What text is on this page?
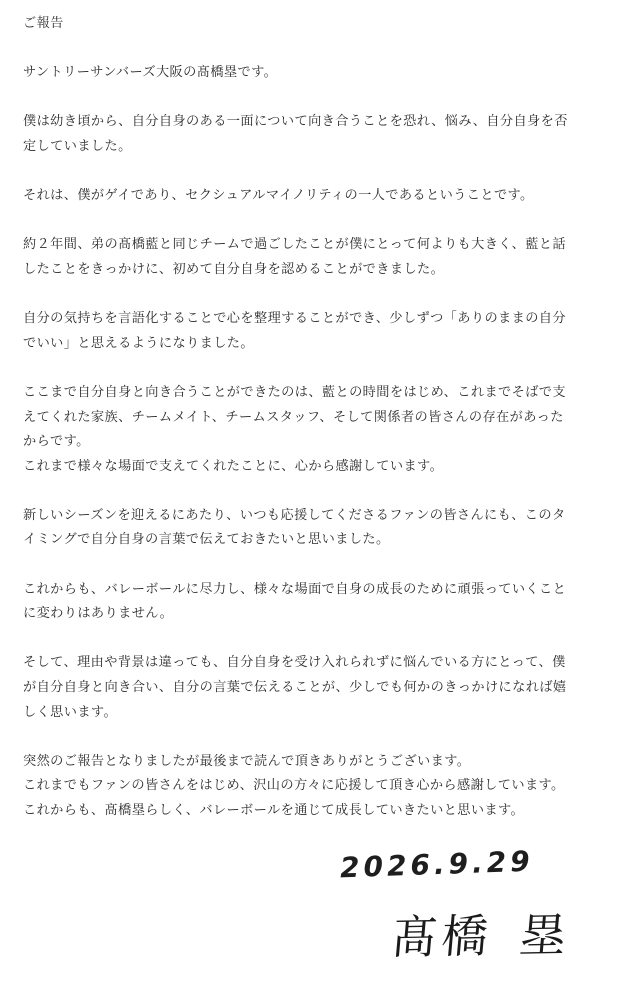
ご報告
サントリーサンバーズ大阪の髙橋塁です。
僕は幼き頃から、自分自身のある一面について向き合うことを恐れ、悩み、自分自身を否
定していました。
それは、僕がゲイであり、セクシュアルマイノリティの一人であるということです。
約２年間、弟の髙橋藍と同じチームで過ごしたことが僕にとって何よりも大きく、藍と話
したことをきっかけに、初めて自分自身を認めることができました。
自分の気持ちを言語化することで心を整理することができ、少しずつ「ありのままの自分
でいい」と思えるようになりました。
ここまで自分自身と向き合うことができたのは、藍との時間をはじめ、これまでそばで支
えてくれた家族、チームメイト、チームスタッフ、そして関係者の皆さんの存在があった
からです。
これまで様々な場面で支えてくれたことに、心から感謝しています。
新しいシーズンを迎えるにあたり、いつも応援してくださるファンの皆さんにも、このタ
イミングで自分自身の言葉で伝えておきたいと思いました。
これからも、バレーボールに尽力し、様々な場面で自身の成長のために頑張っていくこと
に変わりはありません。
そして、理由や背景は違っても、自分自身を受け入れられずに悩んでいる方にとって、僕
が自分自身と向き合い、自分の言葉で伝えることが、少しでも何かのきっかけになれば嬉
しく思います。
突然のご報告となりましたが最後まで読んで頂きありがとうございます。
これまでもファンの皆さんをはじめ、沢山の方々に応援して頂き心から感謝しています。
これからも、髙橋塁らしく、バレーボールを通じて成長していきたいと思います。
2026.9.29
髙橋 塁
